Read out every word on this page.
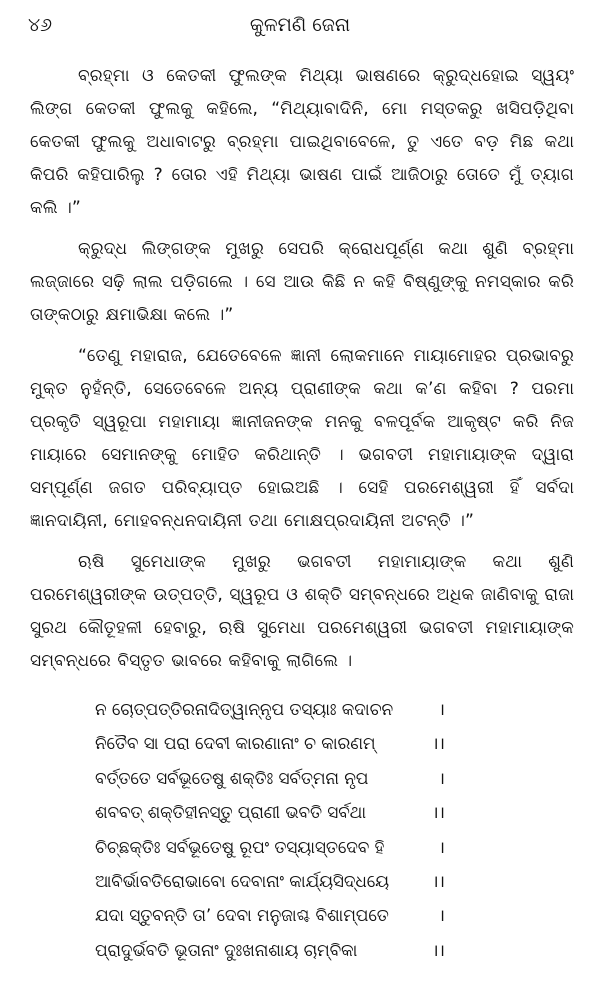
୪୬	କୁଳମଣି ଜେନା

ବ୍ରହ୍ମା ଓ କେତକୀ ଫୁଲଙ୍କ ମିଥ୍ୟା ଭାଷଣରେ କ୍ରୁଦ୍ଧହୋଇ ସ୍ୱୟଂ ଲିଙ୍ଗ କେତକୀ ଫୁଲକୁ କହିଲେ, “ମିଥ୍ୟାବାଦିନି, ମୋ ମସ୍ତକରୁ ଖସିପଡ଼ିଥିବା କେତକୀ ଫୁଲକୁ ଅଧାବାଟରୁ ବ୍ରହ୍ମା ପାଇଥିବାବେଳେ, ତୁ ଏତେ ବଡ଼ ମିଛ କଥା କିପରି କହିପାରିଲୁ ? ତୋର ଏହି ମିଥ୍ୟା ଭାଷଣ ପାଇଁ ଆଜିଠାରୁ ତୋତେ ମୁଁ ତ୍ୟାଗ କଲି ।”

କ୍ରୁଦ୍ଧ ଲିଙ୍ଗଙ୍କ ମୁଖରୁ ସେପରି କ୍ରୋଧପୂର୍ଣ୍ଣ କଥା ଶୁଣି ବ୍ରହ୍ମା ଲଜ୍ଜାରେ ସଢ଼ି ଲାଲ ପଡ଼ିଗଲେ । ସେ ଆଉ କିଛି ନ କହି ବିଷ୍ଣୁଙ୍କୁ ନମସ୍କାର କରି ତାଙ୍କଠାରୁ କ୍ଷମାଭିକ୍ଷା କଲେ ।”

“ତେଣୁ ମହାରାଜ, ଯେତେବେଳେ ଜ୍ଞାନୀ ଲୋକମାନେ ମାୟାମୋହର ପ୍ରଭାବରୁ ମୁକ୍ତ ନୁହଁନ୍ତି, ସେତେବେଳେ ଅନ୍ୟ ପ୍ରାଣୀଙ୍କ କଥା କ’ଣ କହିବା ? ପରମା ପ୍ରକୃତି ସ୍ୱରୂପା ମହାମାୟା ଜ୍ଞାନୀଜନଙ୍କ ମନକୁ ବଳପୂର୍ବକ ଆକୃଷ୍ଟ କରି ନିଜ ମାୟାରେ ସେମାନଙ୍କୁ ମୋହିତ କରିଥାନ୍ତି । ଭଗବତୀ ମହାମାୟାଙ୍କ ଦ୍ୱାରା ସମ୍ପୂର୍ଣ୍ଣ ଜଗତ ପରିବ୍ୟାପ୍ତ ହୋଇଅଛି । ସେହି ପରମେଶ୍ୱରୀ ହିଁ ସର୍ବଦା ଜ୍ଞାନଦାୟିନୀ, ମୋହବନ୍ଧନଦାୟିନୀ ତଥା ମୋକ୍ଷପ୍ରଦାୟିନୀ ଅଟନ୍ତି ।”

ଋଷି ସୁମେଧାଙ୍କ ମୁଖରୁ ଭଗବତୀ ମହାମାୟାଙ୍କ କଥା ଶୁଣି ପରମେଶ୍ୱରୀଙ୍କ ଉତ୍ପତ୍ତି, ସ୍ୱରୂପ ଓ ଶକ୍ତି ସମ୍ବନ୍ଧରେ ଅଧିକ ଜାଣିବାକୁ ରାଜା ସୁରଥ କୌତୂହଳୀ ହେବାରୁ, ଋଷି ସୁମେଧା ପରମେଶ୍ୱରୀ ଭଗବତୀ ମହାମାୟାଙ୍କ ସମ୍ବନ୍ଧରେ ବିସ୍ତୃତ ଭାବରେ କହିବାକୁ ଲାଗିଲେ ।

ନ ଚୋତ୍ପତ୍ତିରନାଦିତ୍ୱାନ୍ନୃପ ତସ୍ୟାଃ କଦାଚନ	।
ନିତୈବ ସା ପରା ଦେବୀ କାରଣାନାଂ ଚ କାରଣମ୍	।।
ବର୍ତ୍ତତେ ସର୍ବଭୂତେଷୁ ଶକ୍ତିଃ ସର୍ବତ୍ମନା ନୃପ	।
ଶବବତ୍ ଶକ୍ତିହୀନସ୍ତୁ ପ୍ରାଣୀ ଭବତି ସର୍ବଥା	।।
ଚିଚ୍ଛକ୍ତିଃ ସର୍ବଭୂତେଷୁ ରୂପଂ ତସ୍ୟାସ୍ତଦେବ ହି	।
ଆବିର୍ଭାବତିରୋଭାବୋ ଦେବାନାଂ କାର୍ଯ୍ୟସିଦ୍ଧୟେ	।।
ଯଦା ସ୍ତୁବନ୍ତି ତା’ ଦେବା ମନୁଜାଶ୍ଚ ବିଶାମ୍ପତେ	।
ପ୍ରାଦୁର୍ଭବତି ଭୂତାନାଂ ଦୁଃଖନାଶାୟ ଚାମ୍ବିକା	।।
